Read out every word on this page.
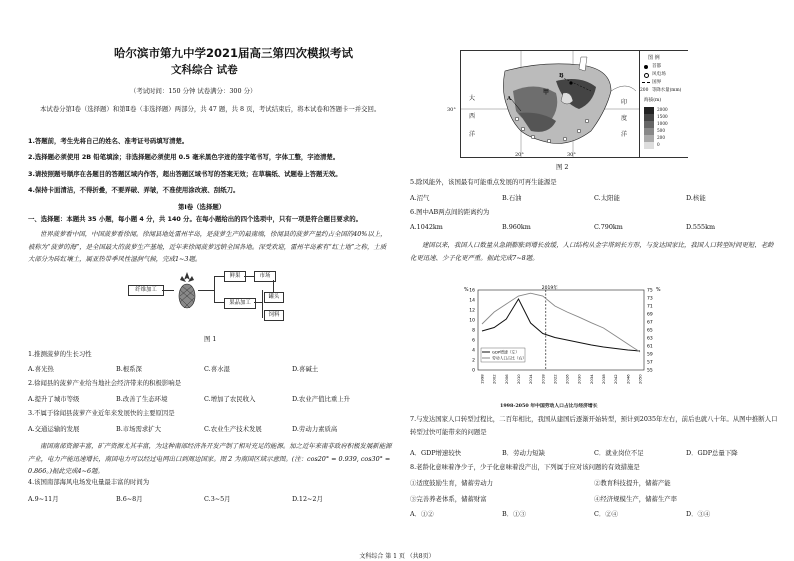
哈尔滨市第九中学2021届高三第四次模拟考试
文科综合 试卷
（考试时间：150 分钟 试卷满分：300 分）
本试卷分第Ⅰ卷（选择题）和第Ⅱ卷（非选择题）两部分，共 47 题，共 8 页，考试结束后，将本试卷和答题卡一并交回。
1.答题前，考生先将自己的姓名、准考证号码填写清楚。
2.选择题必须使用 2B 铅笔填涂；非选择题必须使用 0.5 毫米黑色字迹的签字笔书写，字体工整，字迹清楚。
3.请按照题号顺序在各题目的答题区域内作答，超出答题区域书写的答案无效；在草稿纸、试题卷上答题无效。
4.保持卡面清洁，不得折叠，不要弄破、弄皱，不准使用涂改液、刮纸刀。
第Ⅰ卷（选择题）
一、选择题：本题共 35 小题，每小题 4 分，共 140 分。在每小题给出的四个选项中，只有一项是符合题目要求的。
世界菠萝看中国，中国菠萝看徐闻。徐闻县地处雷州半岛，是菠萝生产的最南端，徐闻县的菠萝产量约占全国的40%以上，被称为“菠萝的海”，是全国最大的菠萝生产基地，近年来徐闻菠萝远销全国各地。深受欢迎，雷州半岛素有“红土地”之称，土质大部分为砖红壤土，属亚热带季风性湿润气候，完成1~3题。
纤维加工
鲜果
果品加工
市场
罐头
饲料
图 1
1.推测菠萝的生长习性
A.喜光热	B.根系深	C.喜水湿	D.喜碱土
2.徐闻县的菠萝产业给当地社会经济带来的积极影响是
A.提升了城市等级	B.改善了生态环境	C.增加了农民收入	D.农业产值比重上升
3.不属于徐闻县菠萝产业近年来发展快的主要原因是
A.交通运输的发展	B.市场需求扩大	C.农业生产技术发展	D.劳动力素质高
南国南部资源丰富，矿产资源尤其丰富，为这种南部经济各开发产制了相对充足的能源。加之近年来南非政府积极发展新能源产业，电力产能迅速增长，南国电力可以经过电网出口到周边国家。图 2 为南国区域示意图。(注：cos20° = 0.939, cos30° = 0.866。)据此完成4~6题。
4.该国南部海风电场发电量最丰富的时间为
A.9~11月	B.6~8月	C.3~5月	D.12~2月
大
西
洋
印
度
洋
30°
20°	30°
A
B
甲
图 例
首都
风电场
国界
200 等降水量(mm)
海拔(m)
2000
1500
1000
500
200
0
图 2
5.除风能外，该国最有可能重点发展的可再生能源是
A.沼气	B.石油	C.太阳能	D.核能
6.图中AB两点间的距离约为
A.1042km	B.960km	C.790km	D.555km
建国以来，我国人口数量从急剧膨胀到增长放缓，人口结构从金字塔到长方形，与发达国家比，我国人口转型时间更短、老龄化更迅速、少子化更严重。据此完成7~8题。
16
14
12
10
8
6
4
2
0
75
73
71
69
67
65
63
61
59
57
55
%	%
1998 2002 2006 2010 2014 2018 2022 2026 2030 2034 2038 2042 2046 2050
2019年
GDP增速（左）
劳动人口占比（右）
1998-2050 年中国劳动人口占比与经济增长
7.与发达国家人口转型过程比，二百年相比，我国从建国后逐渐开始转型，预计到2035年左右，前后也就八十年。从图中推断人口转型过快可能带来的问题是
A．GDP增速较快	B．劳动力短缺	C．就业岗位不足	D．GDP总量下降
8.老龄化意味着净少子，少子化意味着没产出，下列属于应对该问题的有效措施是
①适度鼓励生育，储蓄劳动力	②教育科技提升，储蓄产能
③完善养老体系，储蓄财富	④经济规模生产，储蓄生产率
A．①②	B．①③	C．②④	D．③④
文科综合 第 1 页 （共8页）
